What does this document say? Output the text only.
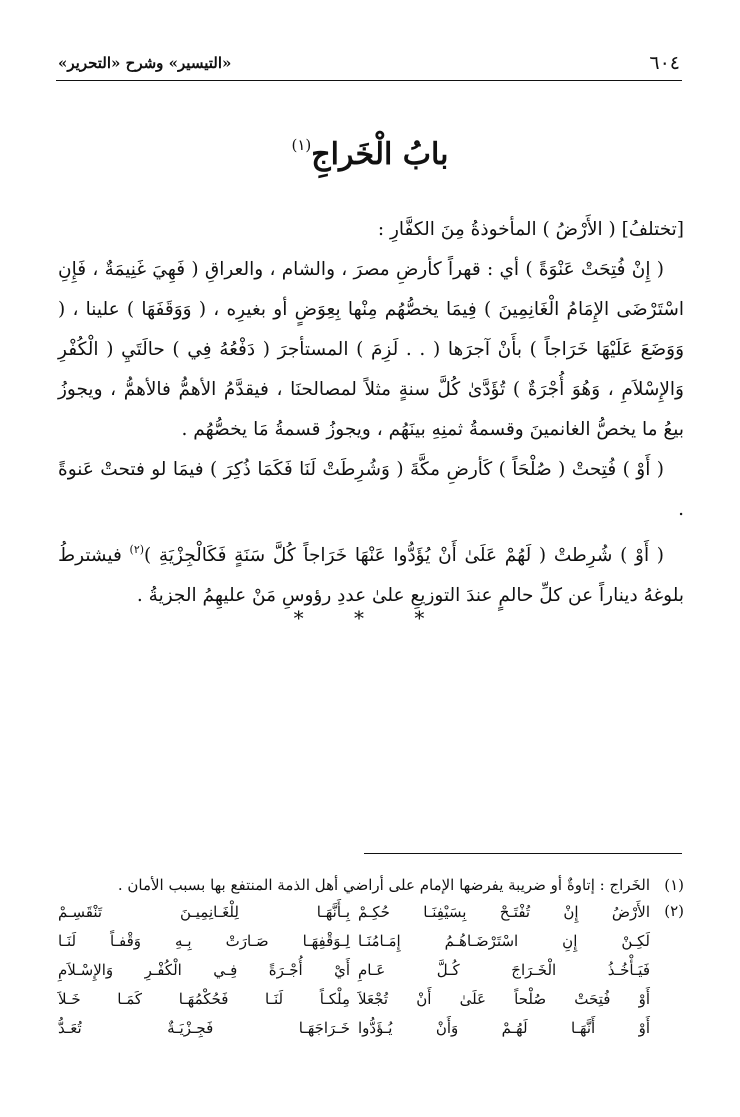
٦٠٤
«التيسير» وشرح «التحرير»
بابُ الْخَراجِ$^{(١)}$

[تختلفُ] ( الأَرْضُ ) المأخوذةُ مِنَ الكفَّارِ :

( إِنْ فُتِحَتْ عَنْوَةً ) أي : قهراً كأرضِ مصرَ ، والشام ، والعراقِ ( فَهِيَ غَنِيمَةٌ ، فَإِنِ اسْتَرْضَى الإِمَامُ الْغَانِمِينَ ) فِيمَا يخصُّهُم مِنْها بِعِوَضٍ أو بغيرِه ، ( وَوَقَفَهَا ) علينا ، ( وَوَضَعَ عَلَيْهَا خَرَاجاً ) بأَنْ آجرَها ( . . لَزِمَ ) المستأجرَ ( دَفْعُهُ فِي ) حالَتَيِ ( الْكُفْرِ وَالإِسْلاَمِ ، وَهُوَ أُجْرَةٌ ) تُؤَدَّىٰ كُلَّ سنةٍ مثلاً لمصالحنَا ، فيقدَّمُ الأهمُّ فالأهمُّ ، ويجوزُ بيعُ ما يخصُّ الغانمينَ وقسمةُ ثمنِهِ بينَهُم ، ويجوزُ قسمةُ مَا يخصُّهُم .

( أَوْ ) فُتِحتْ ( صُلْحَاً ) كَأرضِ مكَّةَ ( وَشُرِطَتْ لَنَا فَكَمَا ذُكِرَ ) فيمَا لو فتحتْ عَنوةً .

( أَوْ ) شُرِطتْ ( لَهُمْ عَلَىٰ أَنْ يُؤَدُّوا عَنْهَا خَرَاجاً كُلَّ سَنَةٍ فَكَالْجِزْيَةِ )$^{(٢)}$ فيشترطُ بلوغهُ ديناراً عن كلِّ حالمٍ عندَ التوزيعِ علىٰ عددِ رؤوسِ مَنْ عليهِمُ الجزيةُ .

* * *
(١)الخَراج : إتاوةٌ أو ضريبة يفرضها الإمام على أراضي أهل الذمة المنتفع بها بسبب الأمان .
(٢)
الأَرْضُ إِنْ تُفْتَـحْ بِسَيْفِنَـا حُكِـمْ
بِـأَنَّهَـا لِلْغَـانِمِيـنَ تَنْقَسِـمْ
لَكِـنْ إِنِ اسْتَرْضَـاهُـمُ إِمَـامُنَـا
لِـوَقْفِهَـا صَـارَتْ بِـهِ وَقْفـاً لَنَـا
فَيَـأْخُـذُ الْخَـرَاجَ كُـلَّ عَـامِ
أَيْ أُجْـرَةً فِـي الْكُفْـرِ وَالإِسْـلاَمِ
أَوْ فُتِحَتْ صُلْحاً عَلَىٰ أَنْ تُجْعَلاَ
مِلْكـاً لَنَـا فَحُكْمُهَـا كَمَـا خَـلاَ
أَوْ أَنَّهَـا لَهُـمْ وَأَنْ يُـؤَدُّوا
خَـرَاجَهَـا فَجِـزْيَـةٌ تُعَـدُّ
